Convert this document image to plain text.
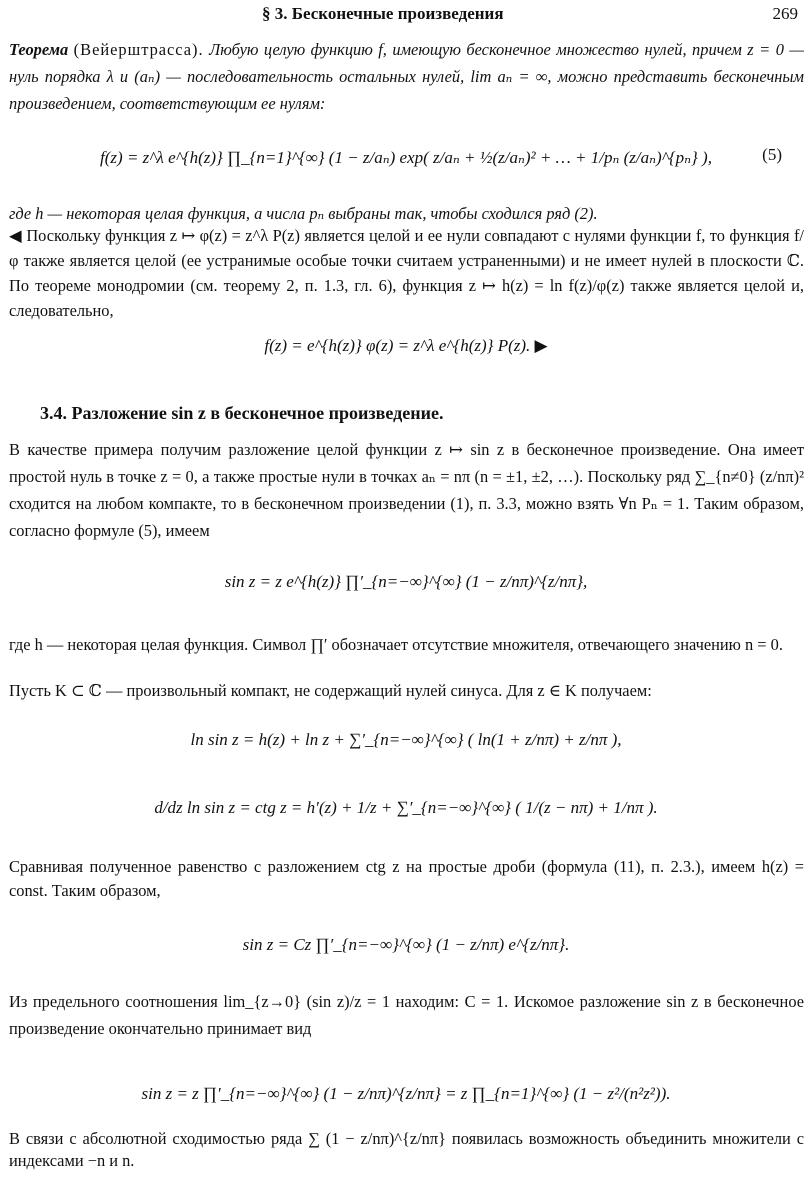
§ 3. Бесконечные произведения	269

Теорема (Вейерштрасса). Любую целую функцию f, имеющую бесконечное множество нулей, причем z = 0 — нуль порядка λ и (aₙ) — последовательность остальных нулей, lim aₙ = ∞, можно представить бесконечным произведением, соответствующим ее нулям:

f(z) = z^λ e^{h(z)} ∏_{n=1}^{∞} (1 − z/aₙ) exp( z/aₙ + ½(z/aₙ)² + … + 1/pₙ (z/aₙ)^{pₙ} ),	(5)

где h — некоторая целая функция, а числа pₙ выбраны так, чтобы сходился ряд (2).

◀ Поскольку функция z ↦ φ(z) = z^λ P(z) является целой и ее нули совпадают с нулями функции f, то функция f/φ также является целой (ее устранимые особые точки считаем устраненными) и не имеет нулей в плоскости ℂ. По теореме монодромии (см. теорему 2, п. 1.3, гл. 6), функция z ↦ h(z) = ln f(z)/φ(z) также является целой и, следовательно,

f(z) = e^{h(z)} φ(z) = z^λ e^{h(z)} P(z). ▶
3.4. Разложение sin z в бесконечное произведение.

В качестве примера получим разложение целой функции z ↦ sin z в бесконечное произведение. Она имеет простой нуль в точке z = 0, а также простые нули в точках aₙ = nπ (n = ±1, ±2, …). Поскольку ряд ∑_{n≠0} (z/nπ)² сходится на любом компакте, то в бесконечном произведении (1), п. 3.3, можно взять ∀n Pₙ = 1. Таким образом, согласно формуле (5), имеем

sin z = z e^{h(z)} ∏′_{n=−∞}^{∞} (1 − z/nπ)^{z/nπ},

где h — некоторая целая функция. Символ ∏′ обозначает отсутствие множителя, отвечающего значению n = 0.

Пусть K ⊂ ℂ — произвольный компакт, не содержащий нулей синуса. Для z ∈ K получаем:

ln sin z = h(z) + ln z + ∑′_{n=−∞}^{∞} ( ln(1 + z/nπ) + z/nπ ),
d/dz ln sin z = ctg z = h′(z) + 1/z + ∑′_{n=−∞}^{∞} ( 1/(z − nπ) + 1/nπ ).

Сравнивая полученное равенство с разложением ctg z на простые дроби (формула (11), п. 2.3.), имеем h(z) = const. Таким образом,

sin z = Cz ∏′_{n=−∞}^{∞} (1 − z/nπ) e^{z/nπ}.

Из предельного соотношения lim_{z→0} (sin z)/z = 1 находим: C = 1. Искомое разложение sin z в бесконечное произведение окончательно принимает вид

sin z = z ∏′_{n=−∞}^{∞} (1 − z/nπ)^{z/nπ} = z ∏_{n=1}^{∞} (1 − z²/(n²z²)).

В связи с абсолютной сходимостью ряда ∑ (1 − z/nπ)^{z/nπ} появилась возможность объединить множители с индексами −n и n.
